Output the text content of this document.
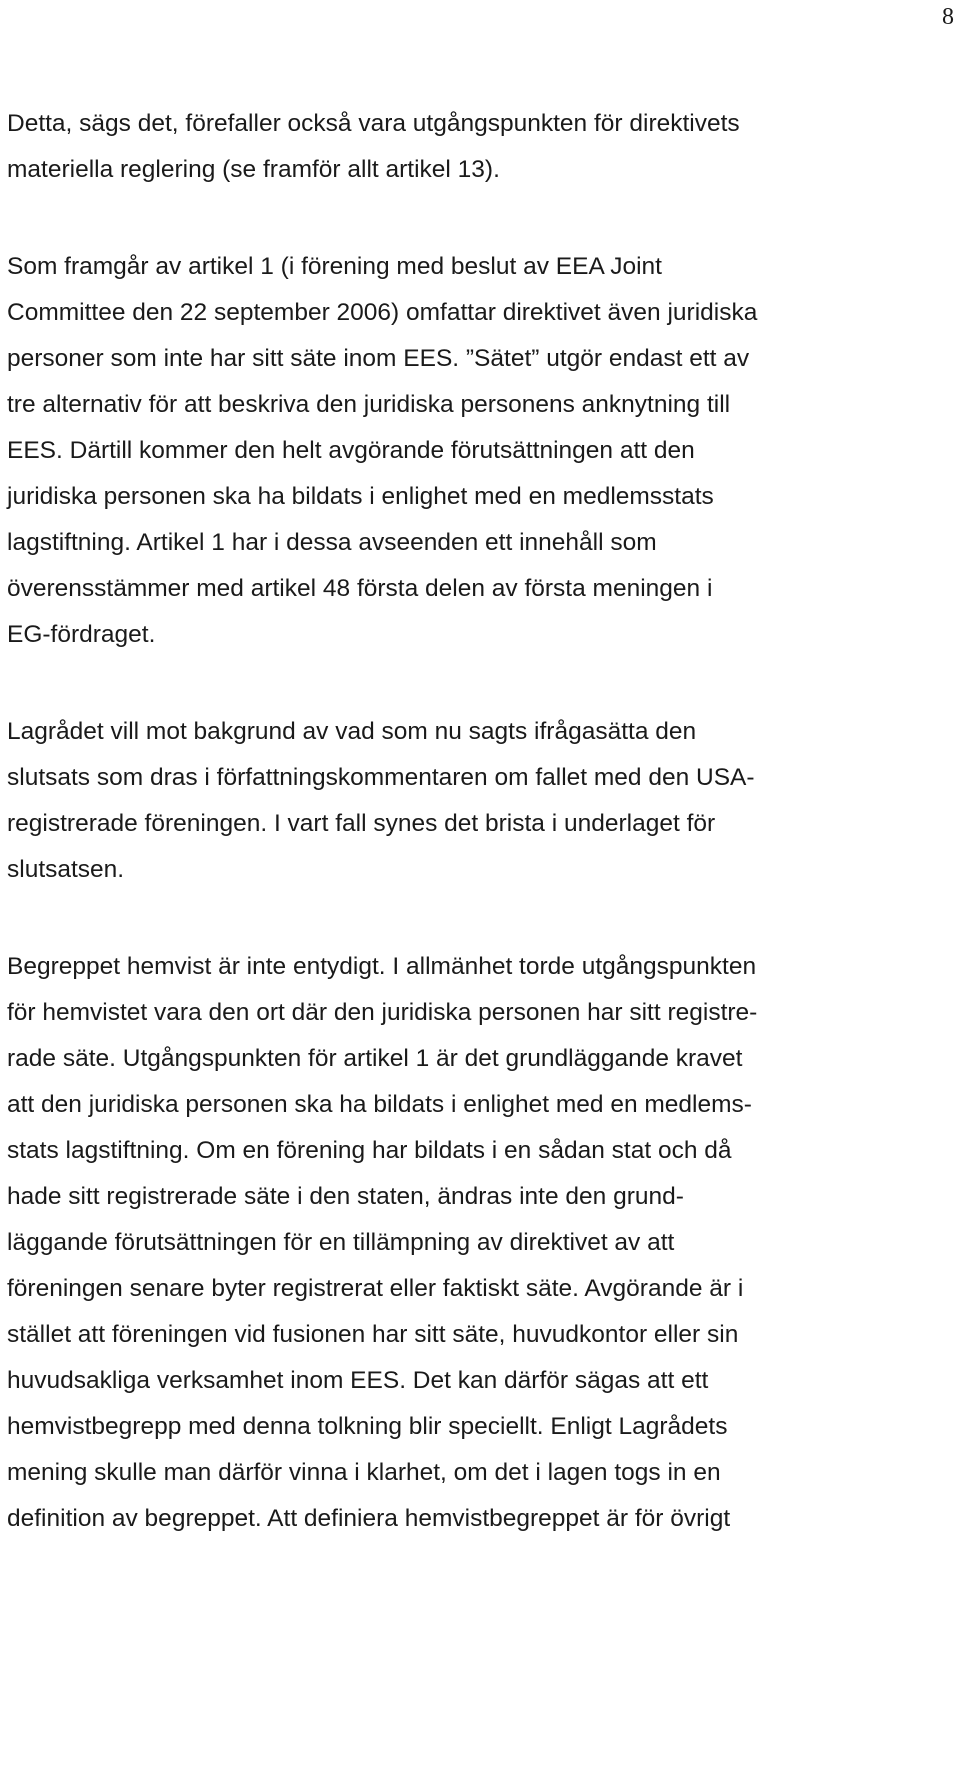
8
Detta, sägs det, förefaller också vara utgångspunkten för direktivets
materiella reglering (se framför allt artikel 13).
Som framgår av artikel 1 (i förening med beslut av EEA Joint
Committee den 22 september 2006) omfattar direktivet även juridiska
personer som inte har sitt säte inom EES. ”Sätet” utgör endast ett av
tre alternativ för att beskriva den juridiska personens anknytning till
EES. Därtill kommer den helt avgörande förutsättningen att den
juridiska personen ska ha bildats i enlighet med en medlemsstats
lagstiftning. Artikel 1 har i dessa avseenden ett innehåll som
överensstämmer med artikel 48 första delen av första meningen i
EG-fördraget.
Lagrådet vill mot bakgrund av vad som nu sagts ifrågasätta den
slutsats som dras i författningskommentaren om fallet med den USA-
registrerade föreningen. I vart fall synes det brista i underlaget för
slutsatsen.
Begreppet hemvist är inte entydigt. I allmänhet torde utgångspunkten
för hemvistet vara den ort där den juridiska personen har sitt registre-
rade säte. Utgångspunkten för artikel 1 är det grundläggande kravet
att den juridiska personen ska ha bildats i enlighet med en medlems-
stats lagstiftning. Om en förening har bildats i en sådan stat och då
hade sitt registrerade säte i den staten, ändras inte den grund-
läggande förutsättningen för en tillämpning av direktivet av att
föreningen senare byter registrerat eller faktiskt säte. Avgörande är i
stället att föreningen vid fusionen har sitt säte, huvudkontor eller sin
huvudsakliga verksamhet inom EES. Det kan därför sägas att ett
hemvistbegrepp med denna tolkning blir speciellt. Enligt Lagrådets
mening skulle man därför vinna i klarhet, om det i lagen togs in en
definition av begreppet. Att definiera hemvistbegreppet är för övrigt
